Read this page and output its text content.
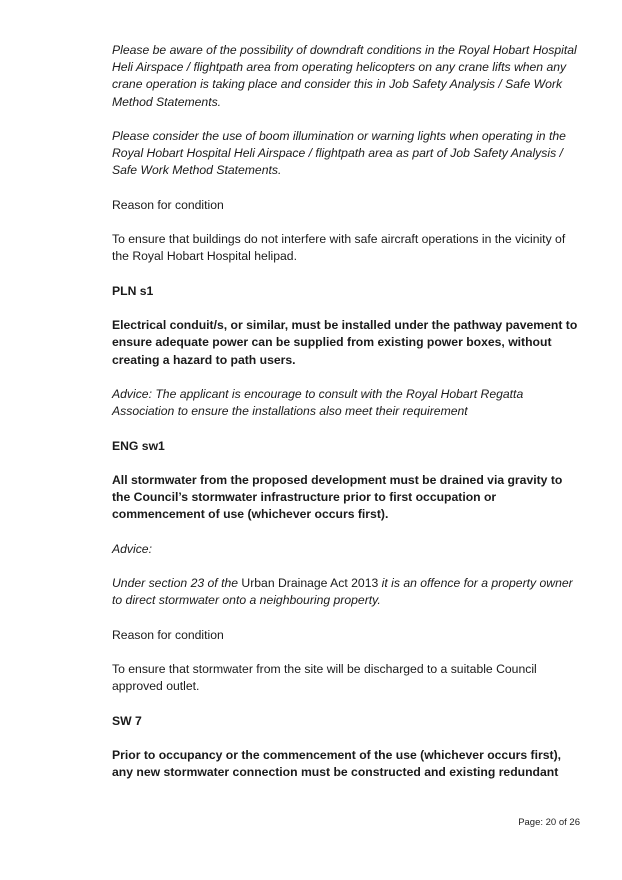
Please be aware of the possibility of downdraft conditions in the Royal Hobart Hospital Heli Airspace / flightpath area from operating helicopters on any crane lifts when any crane operation is taking place and consider this in Job Safety Analysis / Safe Work Method Statements.

Please consider the use of boom illumination or warning lights when operating in the Royal Hobart Hospital Heli Airspace / flightpath area as part of Job Safety Analysis / Safe Work Method Statements.

Reason for condition

To ensure that buildings do not interfere with safe aircraft operations in the vicinity of the Royal Hobart Hospital helipad.

PLN s1

Electrical conduit/s, or similar, must be installed under the pathway pavement to ensure adequate power can be supplied from existing power boxes, without creating a hazard to path users.

Advice: The applicant is encourage to consult with the Royal Hobart Regatta Association to ensure the installations also meet their requirement

ENG sw1

All stormwater from the proposed development must be drained via gravity to the Council’s stormwater infrastructure prior to first occupation or commencement of use (whichever occurs first).

Advice:

Under section 23 of the Urban Drainage Act 2013 it is an offence for a property owner to direct stormwater onto a neighbouring property.

Reason for condition

To ensure that stormwater from the site will be discharged to a suitable Council approved outlet.

SW 7

Prior to occupancy or the commencement of the use (whichever occurs first), any new stormwater connection must be constructed and existing redundant

Page: 20 of 26
